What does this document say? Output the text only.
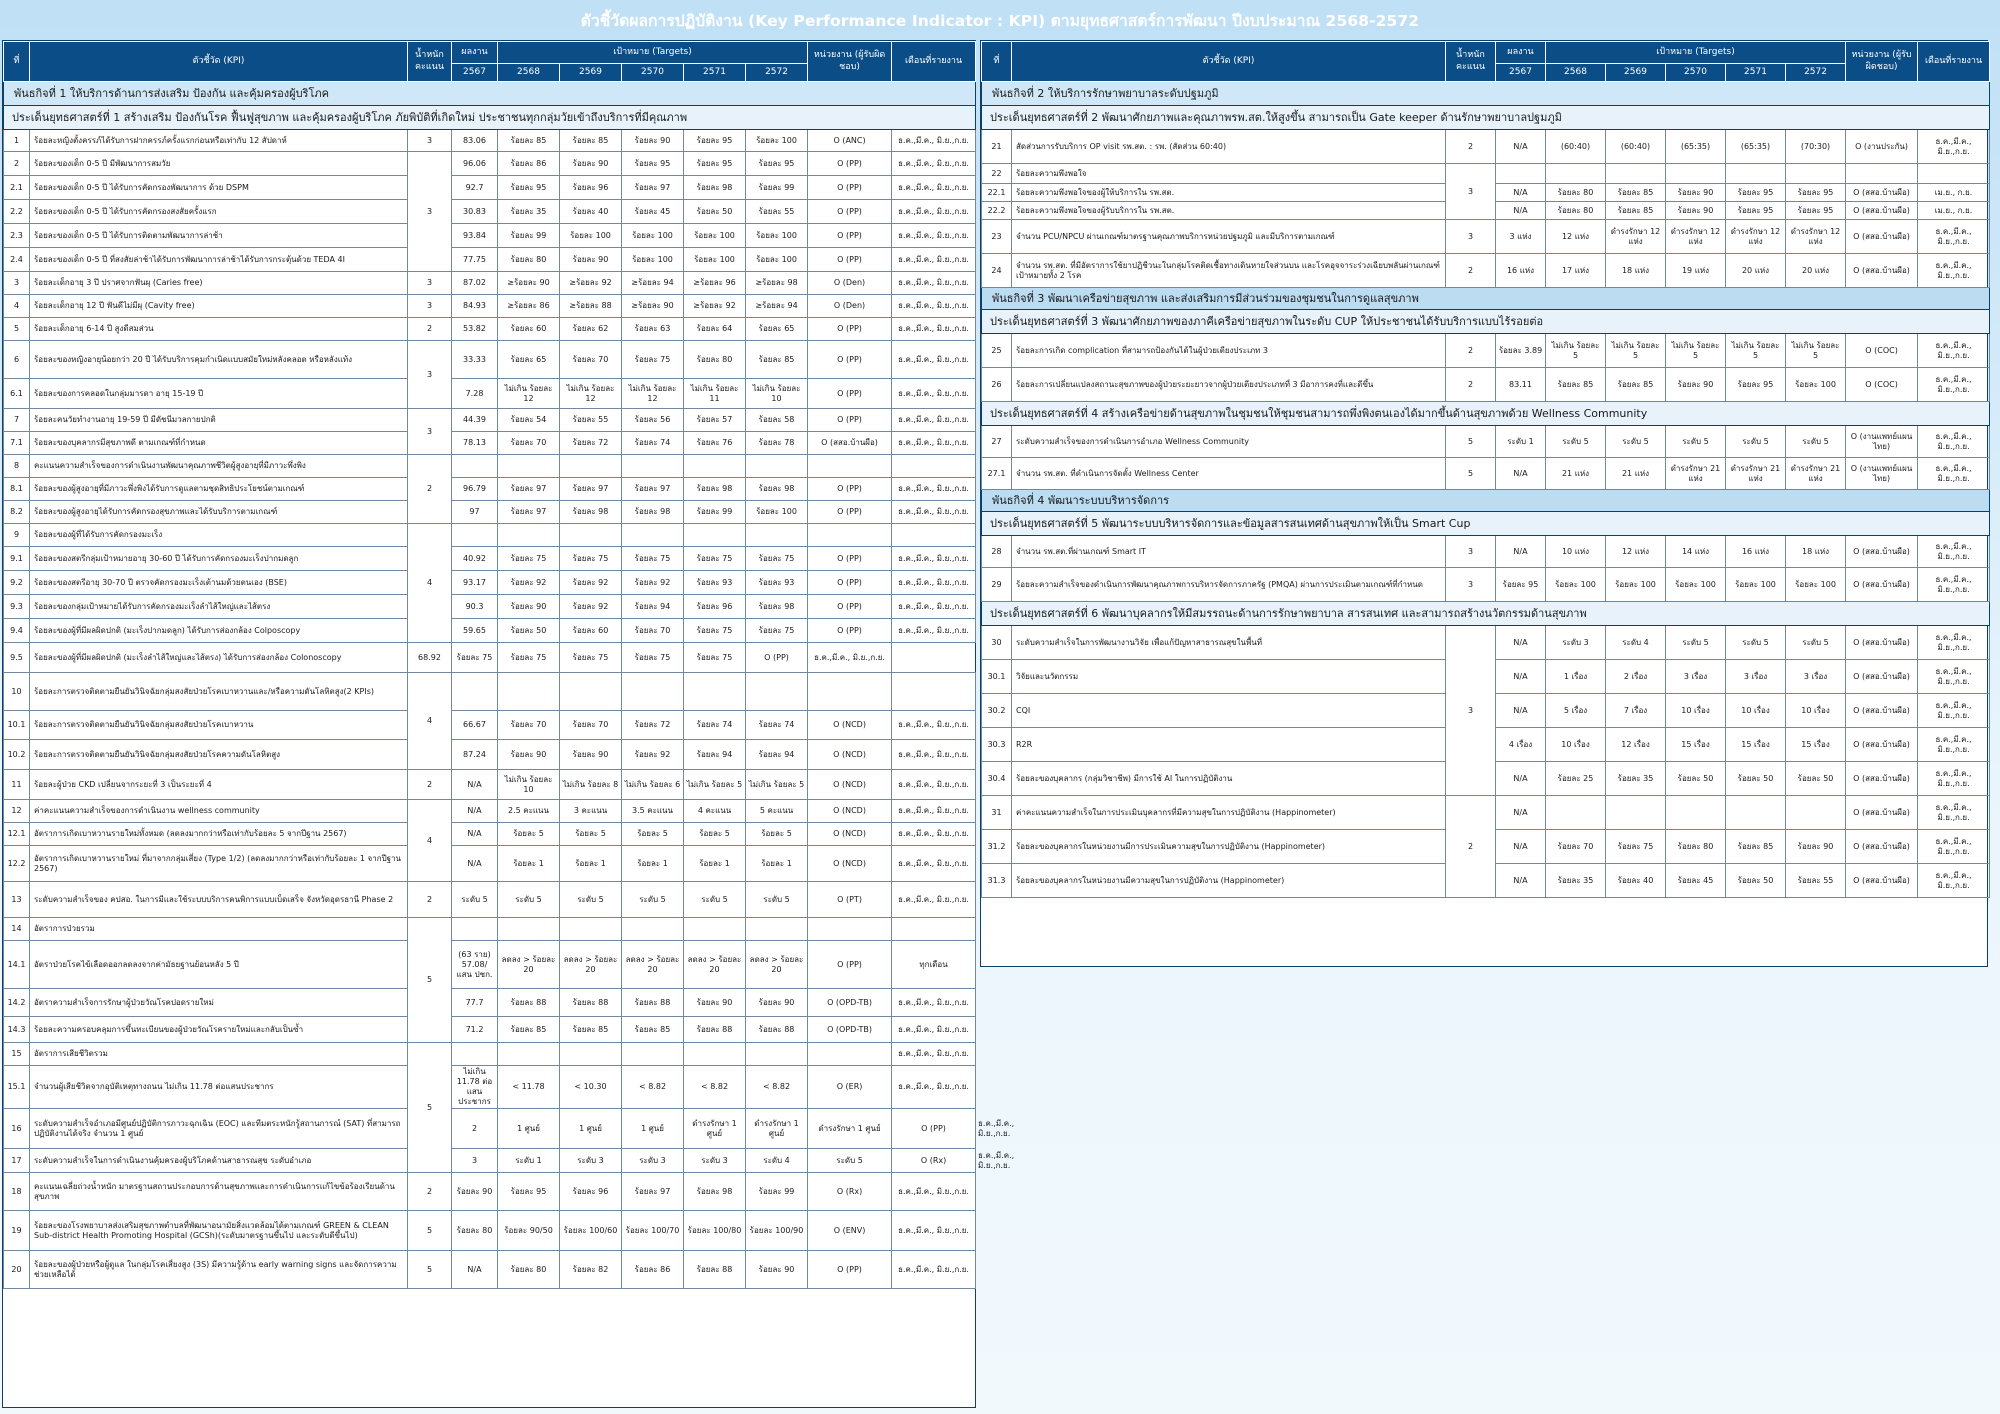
ตัวชี้วัดผลการปฏิบัติงาน (Key Performance Indicator : KPI) ตามยุทธศาสตร์การพัฒนา ปีงบประมาณ 2568-2572
ที่	ตัวชี้วัด (KPI)	น้ำหนัก คะแนน	ผลงาน	เป้าหมาย (Targets)					หน่วยงาน (ผู้รับผิดชอบ)	เดือนที่รายงาน	
			2567	2568	2569	2570	2571	2572			
พันธกิจที่ 1 ให้บริการด้านการส่งเสริม ป้องกัน และคุ้มครองผู้บริโภค											
ประเด็นยุทธศาสตร์ที่ 1 สร้างเสริม ป้องกันโรค ฟื้นฟูสุขภาพ และคุ้มครองผู้บริโภค ภัยพิบัติที่เกิดใหม่ ประชาชนทุกกลุ่มวัยเข้าถึงบริการที่มีคุณภาพ											
1	ร้อยละหญิงตั้งครรภ์ได้รับการฝากครรภ์ครั้งแรกก่อนหรือเท่ากับ 12 สัปดาห์	3	83.06	ร้อยละ 85	ร้อยละ 85	ร้อยละ 90	ร้อยละ 95	ร้อยละ 100	O (ANC)	ธ.ค.,มี.ค., มิ.ย.,ก.ย.	
2	ร้อยละของเด็ก 0-5 ปี มีพัฒนาการสมวัย	3	96.06	ร้อยละ 86	ร้อยละ 90	ร้อยละ 95	ร้อยละ 95	ร้อยละ 95	O (PP)	ธ.ค.,มี.ค., มิ.ย.,ก.ย.	
2.1	ร้อยละของเด็ก 0-5 ปี ได้รับการคัดกรองพัฒนาการ ด้วย DSPM		92.7	ร้อยละ 95	ร้อยละ 96	ร้อยละ 97	ร้อยละ 98	ร้อยละ 99	O (PP)	ธ.ค.,มี.ค., มิ.ย.,ก.ย.	
2.2	ร้อยละของเด็ก 0-5 ปี ได้รับการคัดกรองสงสัยครั้งแรก		30.83	ร้อยละ 35	ร้อยละ 40	ร้อยละ 45	ร้อยละ 50	ร้อยละ 55	O (PP)	ธ.ค.,มี.ค., มิ.ย.,ก.ย.	
2.3	ร้อยละของเด็ก 0-5 ปี ได้รับการติดตามพัฒนาการล่าช้า		93.84	ร้อยละ 99	ร้อยละ 100	ร้อยละ 100	ร้อยละ 100	ร้อยละ 100	O (PP)	ธ.ค.,มี.ค., มิ.ย.,ก.ย.	
2.4	ร้อยละของเด็ก 0-5 ปี ที่สงสัยล่าช้าได้รับการพัฒนาการล่าช้าได้รับการกระตุ้นด้วย TEDA 4I		77.75	ร้อยละ 80	ร้อยละ 90	ร้อยละ 100	ร้อยละ 100	ร้อยละ 100	O (PP)	ธ.ค.,มี.ค., มิ.ย.,ก.ย.	
3	ร้อยละเด็กอายุ 3 ปี ปราศจากฟันผุ (Caries free)	3	87.02	≥ร้อยละ 90	≥ร้อยละ 92	≥ร้อยละ 94	≥ร้อยละ 96	≥ร้อยละ 98	O (Den)	ธ.ค.,มี.ค., มิ.ย.,ก.ย.	
4	ร้อยละเด็กอายุ 12 ปี ฟันดีไม่มีผุ (Cavity free)	3	84.93	≥ร้อยละ 86	≥ร้อยละ 88	≥ร้อยละ 90	≥ร้อยละ 92	≥ร้อยละ 94	O (Den)	ธ.ค.,มี.ค., มิ.ย.,ก.ย.	
5	ร้อยละเด็กอายุ 6-14 ปี สูงดีสมส่วน	2	53.82	ร้อยละ 60	ร้อยละ 62	ร้อยละ 63	ร้อยละ 64	ร้อยละ 65	O (PP)	ธ.ค.,มี.ค., มิ.ย.,ก.ย.	
6	ร้อยละของหญิงอายุน้อยกว่า 20 ปี ได้รับบริการคุมกำเนิดแบบสมัยใหม่หลังคลอด หรือหลังแท้ง	3	33.33	ร้อยละ 65	ร้อยละ 70	ร้อยละ 75	ร้อยละ 80	ร้อยละ 85	O (PP)	ธ.ค.,มี.ค., มิ.ย.,ก.ย.	
6.1	ร้อยละของการคลอดในกลุ่มมารดา อายุ 15-19 ปี		7.28	ไม่เกิน ร้อยละ 12	ไม่เกิน ร้อยละ 12	ไม่เกิน ร้อยละ 12	ไม่เกิน ร้อยละ 11	ไม่เกิน ร้อยละ 10	O (PP)	ธ.ค.,มี.ค., มิ.ย.,ก.ย.	
7	ร้อยละคนวัยทำงานอายุ 19-59 ปี มีดัชนีมวลกายปกติ	3	44.39	ร้อยละ 54	ร้อยละ 55	ร้อยละ 56	ร้อยละ 57	ร้อยละ 58	O (PP)	ธ.ค.,มี.ค., มิ.ย.,ก.ย.	
7.1	ร้อยละของบุคลากรมีสุขภาพดี ตามเกณฑ์ที่กำหนด		78.13	ร้อยละ 70	ร้อยละ 72	ร้อยละ 74	ร้อยละ 76	ร้อยละ 78	O (สสอ.บ้านผือ)	ธ.ค.,มี.ค., มิ.ย.,ก.ย.	
8	คะแนนความสำเร็จของการดำเนินงานพัฒนาคุณภาพชีวิตผู้สูงอายุที่มีภาวะพึ่งพิง	2									
8.1	ร้อยละของผู้สูงอายุที่มีภาวะพึ่งพิงได้รับการดูแลตามชุดสิทธิประโยชน์ตามเกณฑ์		96.79	ร้อยละ 97	ร้อยละ 97	ร้อยละ 97	ร้อยละ 98	ร้อยละ 98	O (PP)	ธ.ค.,มี.ค., มิ.ย.,ก.ย.	
8.2	ร้อยละของผู้สูงอายุได้รับการคัดกรองสุขภาพและได้รับบริการตามเกณฑ์		97	ร้อยละ 97	ร้อยละ 98	ร้อยละ 98	ร้อยละ 99	ร้อยละ 100	O (PP)	ธ.ค.,มี.ค., มิ.ย.,ก.ย.	
9	ร้อยละของผู้ที่ได้รับการคัดกรองมะเร็ง	4									
9.1	ร้อยละของสตรีกลุ่มเป้าหมายอายุ 30-60 ปี ได้รับการคัดกรองมะเร็งปากมดลูก		40.92	ร้อยละ 75	ร้อยละ 75	ร้อยละ 75	ร้อยละ 75	ร้อยละ 75	O (PP)	ธ.ค.,มี.ค., มิ.ย.,ก.ย.	
9.2	ร้อยละของสตรีอายุ 30-70 ปี ตรวจคัดกรองมะเร็งเต้านมด้วยตนเอง (BSE)		93.17	ร้อยละ 92	ร้อยละ 92	ร้อยละ 92	ร้อยละ 93	ร้อยละ 93	O (PP)	ธ.ค.,มี.ค., มิ.ย.,ก.ย.	
9.3	ร้อยละของกลุ่มเป้าหมายได้รับการคัดกรองมะเร็งลำไส้ใหญ่และไส้ตรง		90.3	ร้อยละ 90	ร้อยละ 92	ร้อยละ 94	ร้อยละ 96	ร้อยละ 98	O (PP)	ธ.ค.,มี.ค., มิ.ย.,ก.ย.	
9.4	ร้อยละของผู้ที่มีผลผิดปกติ (มะเร็งปากมดลูก) ได้รับการส่องกล้อง Colposcopy		59.65	ร้อยละ 50	ร้อยละ 60	ร้อยละ 70	ร้อยละ 75	ร้อยละ 75	O (PP)	ธ.ค.,มี.ค., มิ.ย.,ก.ย.	
9.5	ร้อยละของผู้ที่มีผลผิดปกติ (มะเร็งลำไส้ใหญ่และไส้ตรง) ได้รับการส่องกล้อง Colonoscopy	68.92	ร้อยละ 75	ร้อยละ 75	ร้อยละ 75	ร้อยละ 75	ร้อยละ 75	O (PP)	ธ.ค.,มี.ค., มิ.ย.,ก.ย.		
10	ร้อยละการตรวจติดตามยืนยันวินิจฉัยกลุ่มสงสัยป่วยโรคเบาหวานและ/หรือความดันโลหิตสูง(2 KPIs)	4									
10.1	ร้อยละการตรวจติดตามยืนยันวินิจฉัยกลุ่มสงสัยป่วยโรคเบาหวาน		66.67	ร้อยละ 70	ร้อยละ 70	ร้อยละ 72	ร้อยละ 74	ร้อยละ 74	O (NCD)	ธ.ค.,มี.ค., มิ.ย.,ก.ย.	
10.2	ร้อยละการตรวจติดตามยืนยันวินิจฉัยกลุ่มสงสัยป่วยโรคความดันโลหิตสูง		87.24	ร้อยละ 90	ร้อยละ 90	ร้อยละ 92	ร้อยละ 94	ร้อยละ 94	O (NCD)	ธ.ค.,มี.ค., มิ.ย.,ก.ย.	
11	ร้อยละผู้ป่วย CKD เปลี่ยนจากระยะที่ 3 เป็นระยะที่ 4	2	N/A	ไม่เกิน ร้อยละ 10	ไม่เกิน ร้อยละ 8	ไม่เกิน ร้อยละ 6	ไม่เกิน ร้อยละ 5	ไม่เกิน ร้อยละ 5	O (NCD)	ธ.ค.,มี.ค., มิ.ย.,ก.ย.	
12	ค่าคะแนนความสำเร็จของการดำเนินงาน wellness community	4	N/A	2.5 คะแนน	3 คะแนน	3.5 คะแนน	4 คะแนน	5 คะแนน	O (NCD)	ธ.ค.,มี.ค., มิ.ย.,ก.ย.	
12.1	อัตราการเกิดเบาหวานรายใหม่ทั้งหมด (ลดลงมากกว่าหรือเท่ากับร้อยละ 5 จากปีฐาน 2567)		N/A	ร้อยละ 5	ร้อยละ 5	ร้อยละ 5	ร้อยละ 5	ร้อยละ 5	O (NCD)	ธ.ค.,มี.ค., มิ.ย.,ก.ย.	
12.2	อัตราการเกิดเบาหวานรายใหม่ ที่มาจากกลุ่มเสี่ยง (Type 1/2) (ลดลงมากกว่าหรือเท่ากับร้อยละ 1 จากปีฐาน 2567)		N/A	ร้อยละ 1	ร้อยละ 1	ร้อยละ 1	ร้อยละ 1	ร้อยละ 1	O (NCD)	ธ.ค.,มี.ค., มิ.ย.,ก.ย.	
13	ระดับความสำเร็จของ คปสอ. ในการมีและใช้ระบบบริการคนพิการแบบเบ็ดเสร็จ จังหวัดอุดรธานี Phase 2	2	ระดับ 5	ระดับ 5	ระดับ 5	ระดับ 5	ระดับ 5	ระดับ 5	O (PT)	ธ.ค.,มี.ค., มิ.ย.,ก.ย.	
14	อัตราการป่วยรวม	5									
14.1	อัตราป่วยโรคไข้เลือดออกลดลงจากค่ามัธยฐานย้อนหลัง 5 ปี		(63 ราย) 57.08/แสน ปชก.	ลดลง > ร้อยละ 20	ลดลง > ร้อยละ 20	ลดลง > ร้อยละ 20	ลดลง > ร้อยละ 20	ลดลง > ร้อยละ 20	O (PP)	ทุกเดือน	
14.2	อัตราความสำเร็จการรักษาผู้ป่วยวัณโรคปอดรายใหม่		77.7	ร้อยละ 88	ร้อยละ 88	ร้อยละ 88	ร้อยละ 90	ร้อยละ 90	O (OPD-TB)	ธ.ค.,มี.ค., มิ.ย.,ก.ย.	
14.3	ร้อยละความครอบคลุมการขึ้นทะเบียนของผู้ป่วยวัณโรครายใหม่และกลับเป็นซ้ำ		71.2	ร้อยละ 85	ร้อยละ 85	ร้อยละ 85	ร้อยละ 88	ร้อยละ 88	O (OPD-TB)	ธ.ค.,มี.ค., มิ.ย.,ก.ย.	
15	อัตราการเสียชีวิตรวม	5								ธ.ค.,มี.ค., มิ.ย.,ก.ย.	
15.1	จำนวนผู้เสียชีวิตจากอุบัติเหตุทางถนน ไม่เกิน 11.78 ต่อแสนประชากร		ไม่เกิน 11.78 ต่อแสน ประชากร	< 11.78	< 10.30	< 8.82	< 8.82	< 8.82	O (ER)	ธ.ค.,มี.ค., มิ.ย.,ก.ย.	
16	ระดับความสำเร็จอำเภอมีศูนย์ปฏิบัติการภาวะฉุกเฉิน (EOC) และทีมตระหนักรู้สถานการณ์ (SAT) ที่สามารถปฏิบัติงานได้จริง จำนวน 1 ศูนย์		2	1 ศูนย์	1 ศูนย์	1 ศูนย์	ดำรงรักษา 1 ศูนย์	ดำรงรักษา 1 ศูนย์	ดำรงรักษา 1 ศูนย์	O (PP)	ธ.ค.,มี.ค., มิ.ย.,ก.ย.
17	ระดับความสำเร็จในการดำเนินงานคุ้มครองผู้บริโภคด้านสาธารณสุข ระดับอำเภอ		3	ระดับ 1	ระดับ 3	ระดับ 3	ระดับ 3	ระดับ 4	ระดับ 5	O (Rx)	ธ.ค.,มี.ค., มิ.ย.,ก.ย.
18	คะแนนเฉลี่ยถ่วงน้ำหนัก มาตรฐานสถานประกอบการด้านสุขภาพและการดำเนินการแก้ไขข้อร้องเรียนด้านสุขภาพ	2	ร้อยละ 90	ร้อยละ 95	ร้อยละ 96	ร้อยละ 97	ร้อยละ 98	ร้อยละ 99	O (Rx)	ธ.ค.,มี.ค., มิ.ย.,ก.ย.	
19	ร้อยละของโรงพยาบาลส่งเสริมสุขภาพตำบลที่พัฒนาอนามัยสิ่งแวดล้อมได้ตามเกณฑ์ GREEN & CLEAN Sub-district Health Promoting Hospital (GCSh)(ระดับมาตรฐานขึ้นไป และระดับดีขึ้นไป)	5	ร้อยละ 80	ร้อยละ 90/50	ร้อยละ 100/60	ร้อยละ 100/70	ร้อยละ 100/80	ร้อยละ 100/90	O (ENV)	ธ.ค.,มี.ค., มิ.ย.,ก.ย.	
20	ร้อยละของผู้ป่วยหรือผู้ดูแล ในกลุ่มโรคเสี่ยงสูง (3S) มีความรู้ด้าน early warning signs และจัดการความช่วยเหลือได้	5	N/A	ร้อยละ 80	ร้อยละ 82	ร้อยละ 86	ร้อยละ 88	ร้อยละ 90	O (PP)	ธ.ค.,มี.ค., มิ.ย.,ก.ย.	
ที่	ตัวชี้วัด (KPI)	น้ำหนัก คะแนน	ผลงาน	เป้าหมาย (Targets)					หน่วยงาน (ผู้รับผิดชอบ)	เดือนที่รายงาน
			2567	2568	2569	2570	2571	2572		
พันธกิจที่ 2 ให้บริการรักษาพยาบาลระดับปฐมภูมิ										
ประเด็นยุทธศาสตร์ที่ 2 พัฒนาศักยภาพและคุณภาพรพ.สต.ให้สูงขึ้น สามารถเป็น Gate keeper ด้านรักษาพยาบาลปฐมภูมิ										
21	สัดส่วนการรับบริการ OP visit รพ.สต. : รพ. (สัดส่วน 60:40)	2	N/A	(60:40)	(60:40)	(65:35)	(65:35)	(70:30)	O (งานประกัน)	ธ.ค.,มี.ค., มิ.ย.,ก.ย.
22	ร้อยละความพึงพอใจ	3								
22.1	ร้อยละความพึงพอใจของผู้ให้บริการใน รพ.สต.		N/A	ร้อยละ 80	ร้อยละ 85	ร้อยละ 90	ร้อยละ 95	ร้อยละ 95	O (สสอ.บ้านผือ)	เม.ย., ก.ย.
22.2	ร้อยละความพึงพอใจของผู้รับบริการใน รพ.สต.		N/A	ร้อยละ 80	ร้อยละ 85	ร้อยละ 90	ร้อยละ 95	ร้อยละ 95	O (สสอ.บ้านผือ)	เม.ย., ก.ย.
23	จำนวน PCU/NPCU ผ่านเกณฑ์มาตรฐานคุณภาพบริการหน่วยปฐมภูมิ และมีบริการตามเกณฑ์	3	3 แห่ง	12 แห่ง	ดำรงรักษา 12 แห่ง	ดำรงรักษา 12 แห่ง	ดำรงรักษา 12 แห่ง	ดำรงรักษา 12 แห่ง	O (สสอ.บ้านผือ)	ธ.ค.,มี.ค., มิ.ย.,ก.ย.
24	จำนวน รพ.สต. ที่มีอัตราการใช้ยาปฏิชีวนะในกลุ่มโรคติดเชื้อทางเดินหายใจส่วนบน และโรคอุจจาระร่วงเฉียบพลันผ่านเกณฑ์เป้าหมายทั้ง 2 โรค	2	16 แห่ง	17 แห่ง	18 แห่ง	19 แห่ง	20 แห่ง	20 แห่ง	O (สสอ.บ้านผือ)	ธ.ค.,มี.ค., มิ.ย.,ก.ย.
พันธกิจที่ 3 พัฒนาเครือข่ายสุขภาพ และส่งเสริมการมีส่วนร่วมของชุมชนในการดูแลสุขภาพ										
ประเด็นยุทธศาสตร์ที่ 3 พัฒนาศักยภาพของภาคีเครือข่ายสุขภาพในระดับ CUP ให้ประชาชนได้รับบริการแบบไร้รอยต่อ										
25	ร้อยละการเกิด complication ที่สามารถป้องกันได้ในผู้ป่วยเตียงประเภท 3	2	ร้อยละ 3.89	ไม่เกิน ร้อยละ 5	ไม่เกิน ร้อยละ 5	ไม่เกิน ร้อยละ 5	ไม่เกิน ร้อยละ 5	ไม่เกิน ร้อยละ 5	O (COC)	ธ.ค.,มี.ค., มิ.ย.,ก.ย.
26	ร้อยละการเปลี่ยนแปลงสถานะสุขภาพของผู้ป่วยระยะยาวจากผู้ป่วยเตียงประเภทที่ 3 มีอาการคงที่และดีขึ้น	2	83.11	ร้อยละ 85	ร้อยละ 85	ร้อยละ 90	ร้อยละ 95	ร้อยละ 100	O (COC)	ธ.ค.,มี.ค., มิ.ย.,ก.ย.
ประเด็นยุทธศาสตร์ที่ 4 สร้างเครือข่ายด้านสุขภาพในชุมชนให้ชุมชนสามารถพึ่งพิงตนเองได้มากขึ้นด้านสุขภาพด้วย Wellness Community										
27	ระดับความสำเร็จของการดำเนินการอำเภอ Wellness Community	5	ระดับ 1	ระดับ 5	ระดับ 5	ระดับ 5	ระดับ 5	ระดับ 5	O (งานแพทย์แผนไทย)	ธ.ค.,มี.ค., มิ.ย.,ก.ย.
27.1	จำนวน รพ.สต. ที่ดำเนินการจัดตั้ง Wellness Center	5	N/A	21 แห่ง	21 แห่ง	ดำรงรักษา 21 แห่ง	ดำรงรักษา 21 แห่ง	ดำรงรักษา 21 แห่ง	O (งานแพทย์แผนไทย)	ธ.ค.,มี.ค., มิ.ย.,ก.ย.
พันธกิจที่ 4 พัฒนาระบบบริหารจัดการ										
ประเด็นยุทธศาสตร์ที่ 5 พัฒนาระบบบริหารจัดการและข้อมูลสารสนเทศด้านสุขภาพให้เป็น Smart Cup										
28	จำนวน รพ.สต.ที่ผ่านเกณฑ์ Smart IT	3	N/A	10 แห่ง	12 แห่ง	14 แห่ง	16 แห่ง	18 แห่ง	O (สสอ.บ้านผือ)	ธ.ค.,มี.ค., มิ.ย.,ก.ย.
29	ร้อยละความสำเร็จของดำเนินการพัฒนาคุณภาพการบริหารจัดการภาครัฐ (PMQA) ผ่านการประเมินตามเกณฑ์ที่กำหนด	3	ร้อยละ 95	ร้อยละ 100	ร้อยละ 100	ร้อยละ 100	ร้อยละ 100	ร้อยละ 100	O (สสอ.บ้านผือ)	ธ.ค.,มี.ค., มิ.ย.,ก.ย.
ประเด็นยุทธศาสตร์ที่ 6 พัฒนาบุคลากรให้มีสมรรถนะด้านการรักษาพยาบาล สารสนเทศ และสามารถสร้างนวัตกรรมด้านสุขภาพ										
30	ระดับความสำเร็จในการพัฒนางานวิจัย เพื่อแก้ปัญหาสาธารณสุขในพื้นที่	3	N/A	ระดับ 3	ระดับ 4	ระดับ 5	ระดับ 5	ระดับ 5	O (สสอ.บ้านผือ)	ธ.ค.,มี.ค., มิ.ย.,ก.ย.
30.1	วิจัยและนวัตกรรม		N/A	1 เรื่อง	2 เรื่อง	3 เรื่อง	3 เรื่อง	3 เรื่อง	O (สสอ.บ้านผือ)	ธ.ค.,มี.ค., มิ.ย.,ก.ย.
30.2	CQI		N/A	5 เรื่อง	7 เรื่อง	10 เรื่อง	10 เรื่อง	10 เรื่อง	O (สสอ.บ้านผือ)	ธ.ค.,มี.ค., มิ.ย.,ก.ย.
30.3	R2R		4 เรื่อง	10 เรื่อง	12 เรื่อง	15 เรื่อง	15 เรื่อง	15 เรื่อง	O (สสอ.บ้านผือ)	ธ.ค.,มี.ค., มิ.ย.,ก.ย.
30.4	ร้อยละของบุคลากร (กลุ่มวิชาชีพ) มีการใช้ AI ในการปฏิบัติงาน		N/A	ร้อยละ 25	ร้อยละ 35	ร้อยละ 50	ร้อยละ 50	ร้อยละ 50	O (สสอ.บ้านผือ)	ธ.ค.,มี.ค., มิ.ย.,ก.ย.
31	ค่าคะแนนความสำเร็จในการประเมินบุคลากรที่มีความสุขในการปฏิบัติงาน (Happinometer)	2	N/A						O (สสอ.บ้านผือ)	ธ.ค.,มี.ค., มิ.ย.,ก.ย.
31.2	ร้อยละของบุคลากรในหน่วยงานมีการประเมินความสุขในการปฏิบัติงาน (Happinometer)		N/A	ร้อยละ 70	ร้อยละ 75	ร้อยละ 80	ร้อยละ 85	ร้อยละ 90	O (สสอ.บ้านผือ)	ธ.ค.,มี.ค., มิ.ย.,ก.ย.
31.3	ร้อยละของบุคลากรในหน่วยงานมีความสุขในการปฏิบัติงาน (Happinometer)		N/A	ร้อยละ 35	ร้อยละ 40	ร้อยละ 45	ร้อยละ 50	ร้อยละ 55	O (สสอ.บ้านผือ)	ธ.ค.,มี.ค., มิ.ย.,ก.ย.
